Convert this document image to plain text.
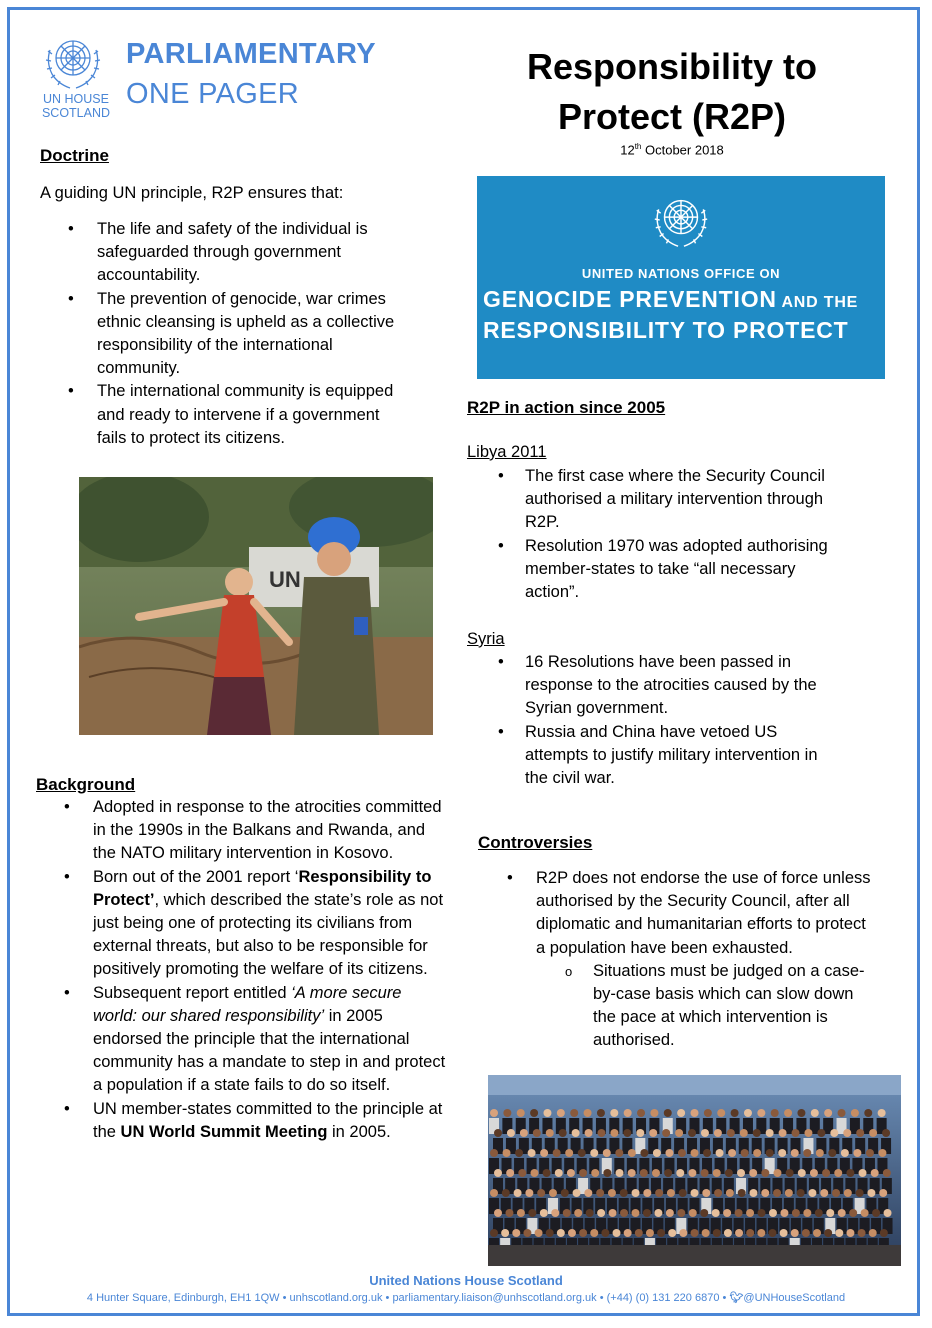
UN HOUSE
SCOTLAND
PARLIAMENTARY
ONE PAGER
Responsibility to
Protect (R2P)
12th October 2018
Doctrine
A guiding UN principle, R2P ensures that:
• The life and safety of the individual is
safeguarded through government
accountability.
• The prevention of genocide, war crimes
ethnic cleansing is upheld as a collective
responsibility of the international
community.
• The international community is equipped
and ready to intervene if a government
fails to protect its citizens.
UN
UNITED NATIONS OFFICE ON
GENOCIDE PREVENTION AND THE
RESPONSIBILITY TO PROTECT
R2P in action since 2005
Libya 2011
• The first case where the Security Council
authorised a military intervention through
R2P.
• Resolution 1970 was adopted authorising
member-states to take “all necessary
action”.
Syria
• 16 Resolutions have been passed in
response to the atrocities caused by the
Syrian government.
• Russia and China have vetoed US
attempts to justify military intervention in
the civil war.
Background
• Adopted in response to the atrocities committed
in the 1990s in the Balkans and Rwanda, and
the NATO military intervention in Kosovo.
• Born out of the 2001 report ‘Responsibility to
Protect’, which described the state’s role as not
just being one of protecting its civilians from
external threats, but also to be responsible for
positively promoting the welfare of its citizens.
• Subsequent report entitled ‘A more secure
world: our shared responsibility’ in 2005
endorsed the principle that the international
community has a mandate to step in and protect
a population if a state fails to do so itself.
• UN member-states committed to the principle at
the UN World Summit Meeting in 2005.
Controversies
• R2P does not endorse the use of force unless
authorised by the Security Council, after all
diplomatic and humanitarian efforts to protect
a population have been exhausted.
o Situations must be judged on a case-
by-case basis which can slow down
the pace at which intervention is
authorised.
United Nations House Scotland
4 Hunter Square, Edinburgh, EH1 1QW • unhscotland.org.uk • parliamentary.liaison@unhscotland.org.uk • (+44) (0) 131 220 6870 • 🐦︎@UNHouseScotland
